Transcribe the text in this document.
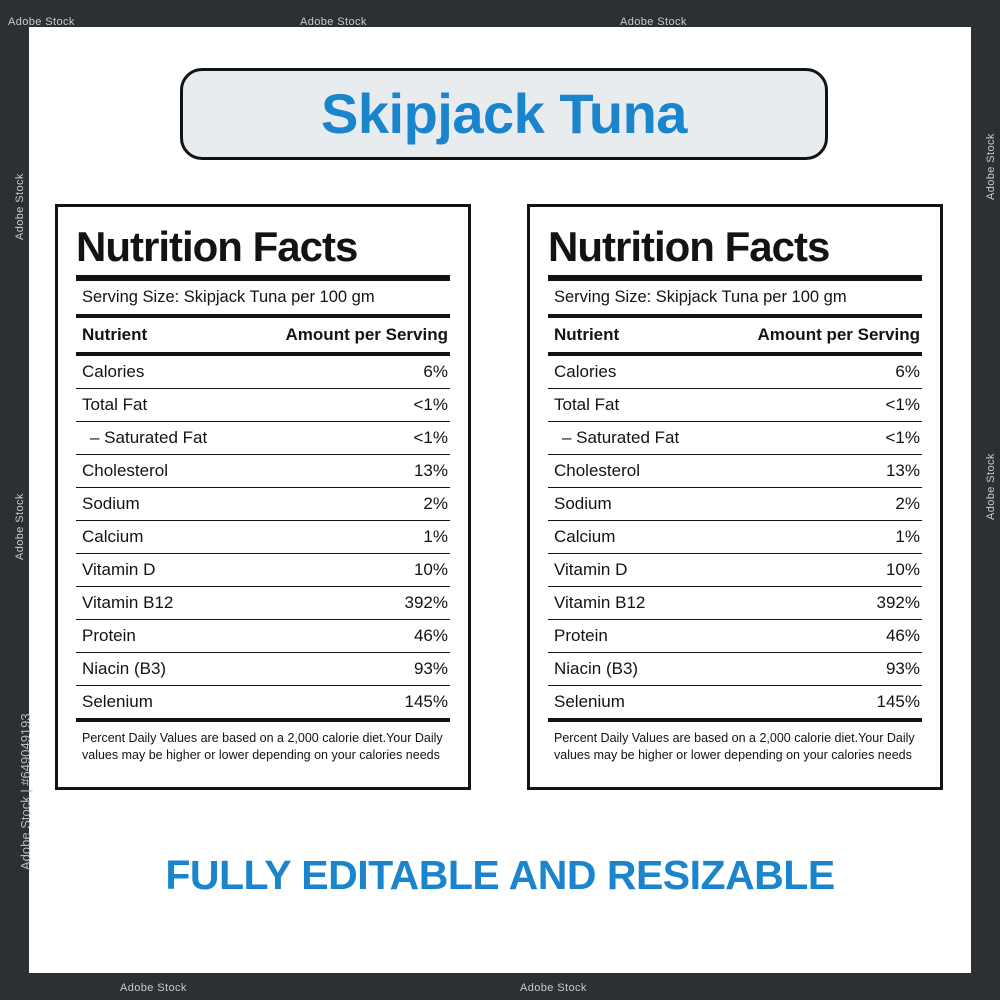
Skipjack Tuna
Nutrition Facts
Serving Size: Skipjack Tuna per 100 gm
Nutrient	Amount per Serving
Calories	6%
Total Fat	<1%
– Saturated Fat	<1%
Cholesterol	13%
Sodium	2%
Calcium	1%
Vitamin D	10%
Vitamin B12	392%
Protein	46%
Niacin (B3)	93%
Selenium	145%
Percent Daily Values are based on a 2,000 calorie diet.Your Daily values may be higher or lower depending on your calories needs
Nutrition Facts
Serving Size: Skipjack Tuna per 100 gm
Nutrient	Amount per Serving
Calories	6%
Total Fat	<1%
– Saturated Fat	<1%
Cholesterol	13%
Sodium	2%
Calcium	1%
Vitamin D	10%
Vitamin B12	392%
Protein	46%
Niacin (B3)	93%
Selenium	145%
Percent Daily Values are based on a 2,000 calorie diet.Your Daily values may be higher or lower depending on your calories needs
FULLY EDITABLE AND RESIZABLE
Adobe Stock	Adobe Stock	Adobe Stock
Adobe Stock
Adobe Stock
Adobe Stock
Adobe Stock
Adobe Stock	Adobe Stock
Adobe Stock | #649049193
